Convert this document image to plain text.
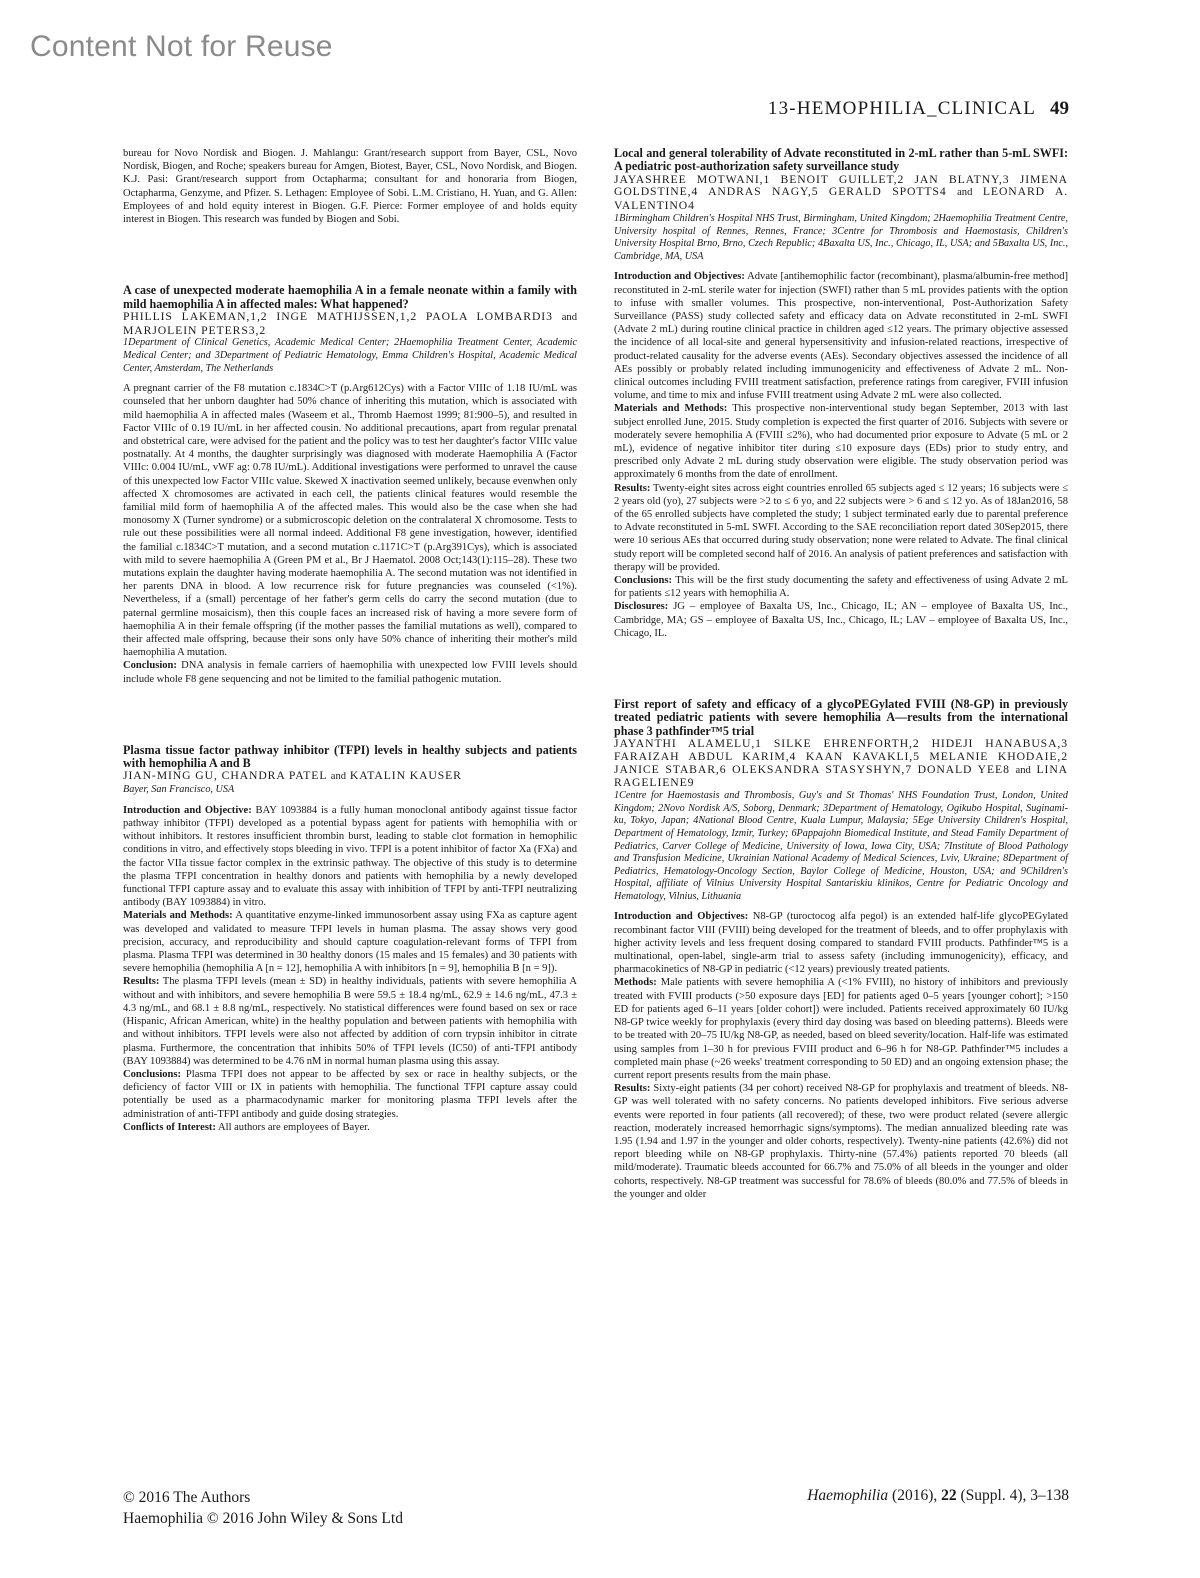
Content Not for Reuse
13-HEMOPHILIA_CLINICAL 49

bureau for Novo Nordisk and Biogen. J. Mahlangu: Grant/research support from Bayer, CSL, Novo Nordisk, Biogen, and Roche; speakers bureau for Amgen, Biotest, Bayer, CSL, Novo Nordisk, and Biogen. K.J. Pasi: Grant/research support from Octapharma; consultant for and honoraria from Biogen, Octapharma, Genzyme, and Pfizer. S. Lethagen: Employee of Sobi. L.M. Cristiano, H. Yuan, and G. Allen: Employees of and hold equity interest in Biogen. G.F. Pierce: Former employee of and holds equity interest in Biogen. This research was funded by Biogen and Sobi.

A case of unexpected moderate haemophilia A in a female neonate within a family with mild haemophilia A in affected males: What happened?

PHILLIS LAKEMAN,1,2 INGE MATHIJSSEN,1,2 PAOLA LOMBARDI3 and MARJOLEIN PETERS3,2

1Department of Clinical Genetics, Academic Medical Center; 2Haemophilia Treatment Center, Academic Medical Center; and 3Department of Pediatric Hematology, Emma Children's Hospital, Academic Medical Center, Amsterdam, The Netherlands

A pregnant carrier of the F8 mutation c.1834C>T (p.Arg612Cys) with a Factor VIIIc of 1.18 IU/mL was counseled that her unborn daughter had 50% chance of inheriting this mutation, which is associated with mild haemophilia A in affected males (Waseem et al., Thromb Haemost 1999; 81:900–5), and resulted in Factor VIIIc of 0.19 IU/mL in her affected cousin. No additional precautions, apart from regular prenatal and obstetrical care, were advised for the patient and the policy was to test her daughter's factor VIIIc value postnatally. At 4 months, the daughter surprisingly was diagnosed with moderate Haemophilia A (Factor VIIIc: 0.004 IU/mL, vWF ag: 0.78 IU/mL). Additional investigations were performed to unravel the cause of this unexpected low Factor VIIIc value. Skewed X inactivation seemed unlikely, because evenwhen only affected X chromosomes are activated in each cell, the patients clinical features would resemble the familial mild form of haemophilia A of the affected males. This would also be the case when she had monosomy X (Turner syndrome) or a submicroscopic deletion on the contralateral X chromosome. Tests to rule out these possibilities were all normal indeed. Additional F8 gene investigation, however, identified the familial c.1834C>T mutation, and a second mutation c.1171C>T (p.Arg391Cys), which is associated with mild to severe haemophilia A (Green PM et al., Br J Haematol. 2008 Oct;143(1):115–28). These two mutations explain the daughter having moderate haemophilia A. The second mutation was not identified in her parents DNA in blood. A low recurrence risk for future pregnancies was counseled (<1%). Nevertheless, if a (small) percentage of her father's germ cells do carry the second mutation (due to paternal germline mosaicism), then this couple faces an increased risk of having a more severe form of haemophilia A in their female offspring (if the mother passes the familial mutations as well), compared to their affected male offspring, because their sons only have 50% chance of inheriting their mother's mild haemophilia A mutation.

Conclusion: DNA analysis in female carriers of haemophilia with unexpected low FVIII levels should include whole F8 gene sequencing and not be limited to the familial pathogenic mutation.

Plasma tissue factor pathway inhibitor (TFPI) levels in healthy subjects and patients with hemophilia A and B

JIAN-MING GU, CHANDRA PATEL and KATALIN KAUSER

Bayer, San Francisco, USA

Introduction and Objective: BAY 1093884 is a fully human monoclonal antibody against tissue factor pathway inhibitor (TFPI) developed as a potential bypass agent for patients with hemophilia with or without inhibitors. It restores insufficient thrombin burst, leading to stable clot formation in hemophilic conditions in vitro, and effectively stops bleeding in vivo. TFPI is a potent inhibitor of factor Xa (FXa) and the factor VIIa tissue factor complex in the extrinsic pathway. The objective of this study is to determine the plasma TFPI concentration in healthy donors and patients with hemophilia by a newly developed functional TFPI capture assay and to evaluate this assay with inhibition of TFPI by anti-TFPI neutralizing antibody (BAY 1093884) in vitro.

Materials and Methods: A quantitative enzyme-linked immunosorbent assay using FXa as capture agent was developed and validated to measure TFPI levels in human plasma. The assay shows very good precision, accuracy, and reproducibility and should capture coagulation-relevant forms of TFPI from plasma. Plasma TFPI was determined in 30 healthy donors (15 males and 15 females) and 30 patients with severe hemophilia (hemophilia A [n = 12], hemophilia A with inhibitors [n = 9], hemophilia B [n = 9]).

Results: The plasma TFPI levels (mean ± SD) in healthy individuals, patients with severe hemophilia A without and with inhibitors, and severe hemophilia B were 59.5 ± 18.4 ng/mL, 62.9 ± 14.6 ng/mL, 47.3 ± 4.3 ng/mL, and 68.1 ± 8.8 ng/mL, respectively. No statistical differences were found based on sex or race (Hispanic, African American, white) in the healthy population and between patients with hemophilia with and without inhibitors. TFPI levels were also not affected by addition of corn trypsin inhibitor in citrate plasma. Furthermore, the concentration that inhibits 50% of TFPI levels (IC50) of anti-TFPI antibody (BAY 1093884) was determined to be 4.76 nM in normal human plasma using this assay.

Conclusions: Plasma TFPI does not appear to be affected by sex or race in healthy subjects, or the deficiency of factor VIII or IX in patients with hemophilia. The functional TFPI capture assay could potentially be used as a pharmacodynamic marker for monitoring plasma TFPI levels after the administration of anti-TFPI antibody and guide dosing strategies.

Conflicts of Interest: All authors are employees of Bayer.

Local and general tolerability of Advate reconstituted in 2-mL rather than 5-mL SWFI: A pediatric post-authorization safety surveillance study

JAYASHREE MOTWANI,1 BENOIT GUILLET,2 JAN BLATNY,3 JIMENA GOLDSTINE,4 ANDRAS NAGY,5 GERALD SPOTTS4 and LEONARD A. VALENTINO4

1Birmingham Children's Hospital NHS Trust, Birmingham, United Kingdom; 2Haemophilia Treatment Centre, University hospital of Rennes, Rennes, France; 3Centre for Thrombosis and Haemostasis, Children's University Hospital Brno, Brno, Czech Republic; 4Baxalta US, Inc., Chicago, IL, USA; and 5Baxalta US, Inc., Cambridge, MA, USA

Introduction and Objectives: Advate [antihemophilic factor (recombinant), plasma/albumin-free method] reconstituted in 2-mL sterile water for injection (SWFI) rather than 5 mL provides patients with the option to infuse with smaller volumes. This prospective, non-interventional, Post-Authorization Safety Surveillance (PASS) study collected safety and efficacy data on Advate reconstituted in 2-mL SWFI (Advate 2 mL) during routine clinical practice in children aged ≤12 years. The primary objective assessed the incidence of all local-site and general hypersensitivity and infusion-related reactions, irrespective of product-related causality for the adverse events (AEs). Secondary objectives assessed the incidence of all AEs possibly or probably related including immunogenicity and effectiveness of Advate 2 mL. Non-clinical outcomes including FVIII treatment satisfaction, preference ratings from caregiver, FVIII infusion volume, and time to mix and infuse FVIII treatment using Advate 2 mL were also collected.

Materials and Methods: This prospective non-interventional study began September, 2013 with last subject enrolled June, 2015. Study completion is expected the first quarter of 2016. Subjects with severe or moderately severe hemophilia A (FVIII ≤2%), who had documented prior exposure to Advate (5 mL or 2 mL), evidence of negative inhibitor titer during ≤10 exposure days (EDs) prior to study entry, and prescribed only Advate 2 mL during study observation were eligible. The study observation period was approximately 6 months from the date of enrollment.

Results: Twenty-eight sites across eight countries enrolled 65 subjects aged ≤ 12 years; 16 subjects were ≤ 2 years old (yo), 27 subjects were >2 to ≤ 6 yo, and 22 subjects were > 6 and ≤ 12 yo. As of 18Jan2016, 58 of the 65 enrolled subjects have completed the study; 1 subject terminated early due to parental preference to Advate reconstituted in 5-mL SWFI. According to the SAE reconciliation report dated 30Sep2015, there were 10 serious AEs that occurred during study observation; none were related to Advate. The final clinical study report will be completed second half of 2016. An analysis of patient preferences and satisfaction with therapy will be provided.

Conclusions: This will be the first study documenting the safety and effectiveness of using Advate 2 mL for patients ≤12 years with hemophilia A.

Disclosures: JG – employee of Baxalta US, Inc., Chicago, IL; AN – employee of Baxalta US, Inc., Cambridge, MA; GS – employee of Baxalta US, Inc., Chicago, IL; LAV – employee of Baxalta US, Inc., Chicago, IL.

First report of safety and efficacy of a glycoPEGylated FVIII (N8-GP) in previously treated pediatric patients with severe hemophilia A—results from the international phase 3 pathfinder™5 trial

JAYANTHI ALAMELU,1 SILKE EHRENFORTH,2 HIDEJI HANABUSA,3 FARAIZAH ABDUL KARIM,4 KAAN KAVAKLI,5 MELANIE KHODAIE,2 JANICE STABAR,6 OLEKSANDRA STASYSHYN,7 DONALD YEE8 and LINA RAGELIENE9

1Centre for Haemostasis and Thrombosis, Guy's and St Thomas' NHS Foundation Trust, London, United Kingdom; 2Novo Nordisk A/S, Soborg, Denmark; 3Department of Hematology, Ogikubo Hospital, Suginami-ku, Tokyo, Japan; 4National Blood Centre, Kuala Lumpur, Malaysia; 5Ege University Children's Hospital, Department of Hematology, Izmir, Turkey; 6Pappajohn Biomedical Institute, and Stead Family Department of Pediatrics, Carver College of Medicine, University of Iowa, Iowa City, USA; 7Institute of Blood Pathology and Transfusion Medicine, Ukrainian National Academy of Medical Sciences, Lviv, Ukraine; 8Department of Pediatrics, Hematology-Oncology Section, Baylor College of Medicine, Houston, USA; and 9Children's Hospital, affiliate of Vilnius University Hospital Santariskiu klinikos, Centre for Pediatric Oncology and Hematology, Vilnius, Lithuania

Introduction and Objectives: N8-GP (turoctocog alfa pegol) is an extended half-life glycoPEGylated recombinant factor VIII (FVIII) being developed for the treatment of bleeds, and to offer prophylaxis with higher activity levels and less frequent dosing compared to standard FVIII products. Pathfinder™5 is a multinational, open-label, single-arm trial to assess safety (including immunogenicity), efficacy, and pharmacokinetics of N8-GP in pediatric (<12 years) previously treated patients.

Methods: Male patients with severe hemophilia A (<1% FVIII), no history of inhibitors and previously treated with FVIII products (>50 exposure days [ED] for patients aged 0–5 years [younger cohort]; >150 ED for patients aged 6–11 years [older cohort]) were included. Patients received approximately 60 IU/kg N8-GP twice weekly for prophylaxis (every third day dosing was based on bleeding patterns). Bleeds were to be treated with 20–75 IU/kg N8-GP, as needed, based on bleed severity/location. Half-life was estimated using samples from 1–30 h for previous FVIII product and 6–96 h for N8-GP. Pathfinder™5 includes a completed main phase (~26 weeks' treatment corresponding to 50 ED) and an ongoing extension phase; the current report presents results from the main phase.

Results: Sixty-eight patients (34 per cohort) received N8-GP for prophylaxis and treatment of bleeds. N8-GP was well tolerated with no safety concerns. No patients developed inhibitors. Five serious adverse events were reported in four patients (all recovered); of these, two were product related (severe allergic reaction, moderately increased hemorrhagic signs/symptoms). The median annualized bleeding rate was 1.95 (1.94 and 1.97 in the younger and older cohorts, respectively). Twenty-nine patients (42.6%) did not report bleeding while on N8-GP prophylaxis. Thirty-nine (57.4%) patients reported 70 bleeds (all mild/moderate). Traumatic bleeds accounted for 66.7% and 75.0% of all bleeds in the younger and older cohorts, respectively. N8-GP treatment was successful for 78.6% of bleeds (80.0% and 77.5% of bleeds in the younger and older

© 2016 The Authors
Haemophilia © 2016 John Wiley & Sons Ltd
Haemophilia (2016), 22 (Suppl. 4), 3–138
